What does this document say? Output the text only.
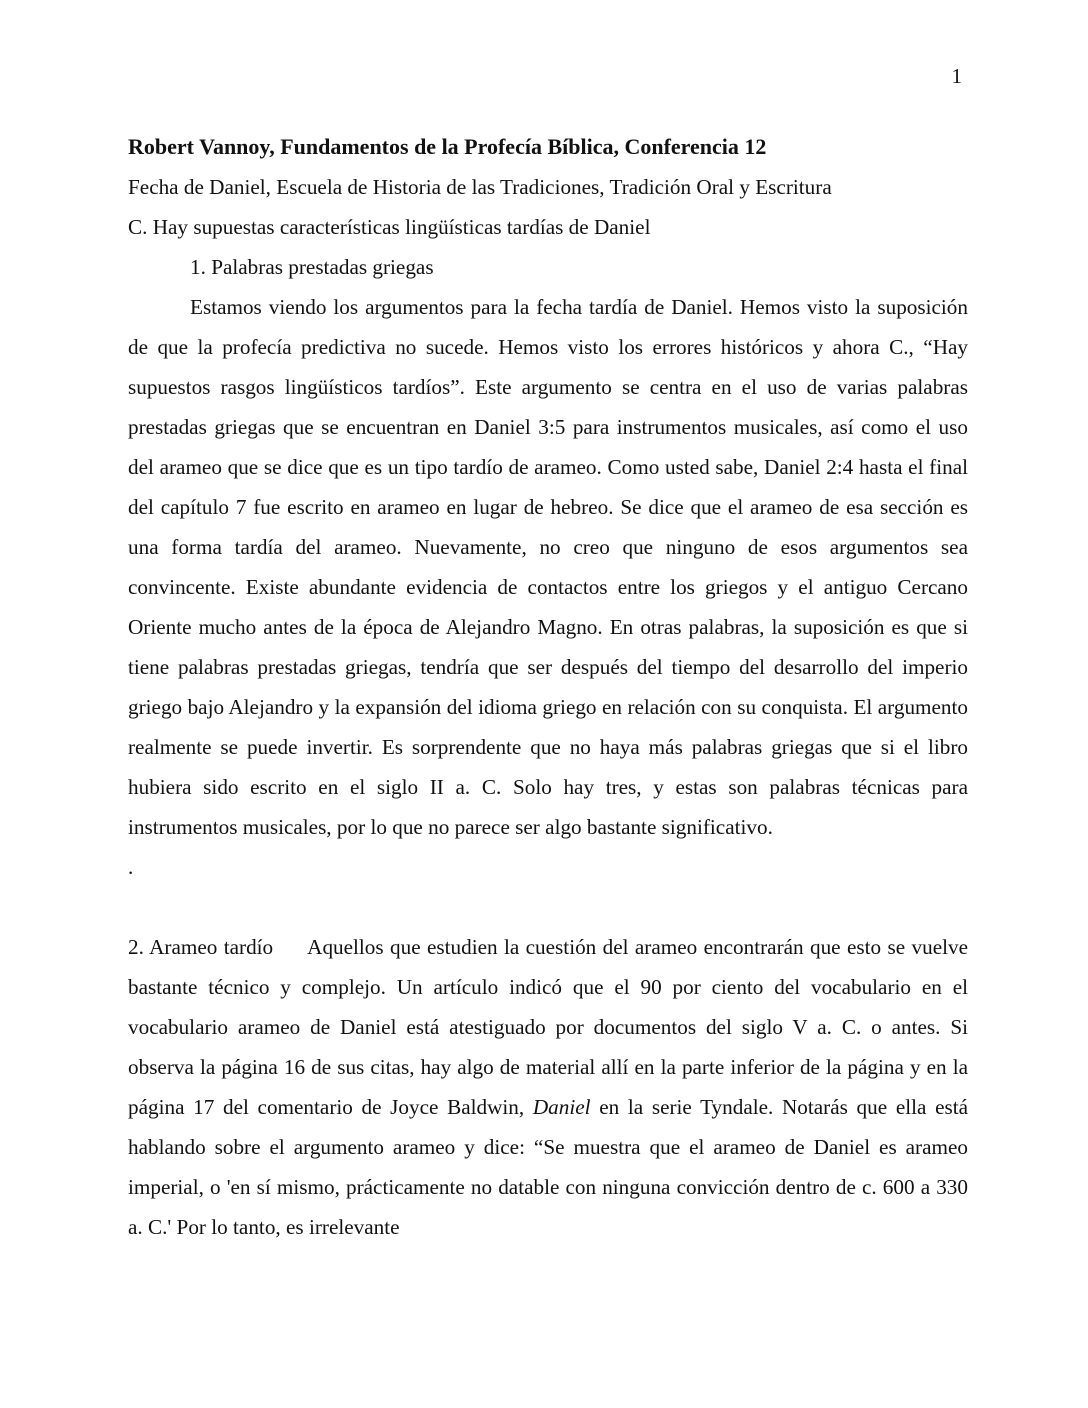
1

Robert Vannoy, Fundamentos de la Profecía Bíblica, Conferencia 12

Fecha de Daniel, Escuela de Historia de las Tradiciones, Tradición Oral y Escritura

C. Hay supuestas características lingüísticas tardías de Daniel

1. Palabras prestadas griegas

Estamos viendo los argumentos para la fecha tardía de Daniel. Hemos visto la suposición de que la profecía predictiva no sucede. Hemos visto los errores históricos y ahora C., “Hay supuestos rasgos lingüísticos tardíos”. Este argumento se centra en el uso de varias palabras prestadas griegas que se encuentran en Daniel 3:5 para instrumentos musicales, así como el uso del arameo que se dice que es un tipo tardío de arameo. Como usted sabe, Daniel 2:4 hasta el final del capítulo 7 fue escrito en arameo en lugar de hebreo. Se dice que el arameo de esa sección es una forma tardía del arameo. Nuevamente, no creo que ninguno de esos argumentos sea convincente. Existe abundante evidencia de contactos entre los griegos y el antiguo Cercano Oriente mucho antes de la época de Alejandro Magno. En otras palabras, la suposición es que si tiene palabras prestadas griegas, tendría que ser después del tiempo del desarrollo del imperio griego bajo Alejandro y la expansión del idioma griego en relación con su conquista. El argumento realmente se puede invertir. Es sorprendente que no haya más palabras griegas que si el libro hubiera sido escrito en el siglo II a. C. Solo hay tres, y estas son palabras técnicas para instrumentos musicales, por lo que no parece ser algo bastante significativo.

.

2. Arameo tardío Aquellos que estudien la cuestión del arameo encontrarán que esto se vuelve bastante técnico y complejo. Un artículo indicó que el 90 por ciento del vocabulario en el vocabulario arameo de Daniel está atestiguado por documentos del siglo V a. C. o antes. Si observa la página 16 de sus citas, hay algo de material allí en la parte inferior de la página y en la página 17 del comentario de Joyce Baldwin, Daniel en la serie Tyndale. Notarás que ella está hablando sobre el argumento arameo y dice: “Se muestra que el arameo de Daniel es arameo imperial, o 'en sí mismo, prácticamente no datable con ninguna convicción dentro de c. 600 a 330 a. C.' Por lo tanto, es irrelevante
